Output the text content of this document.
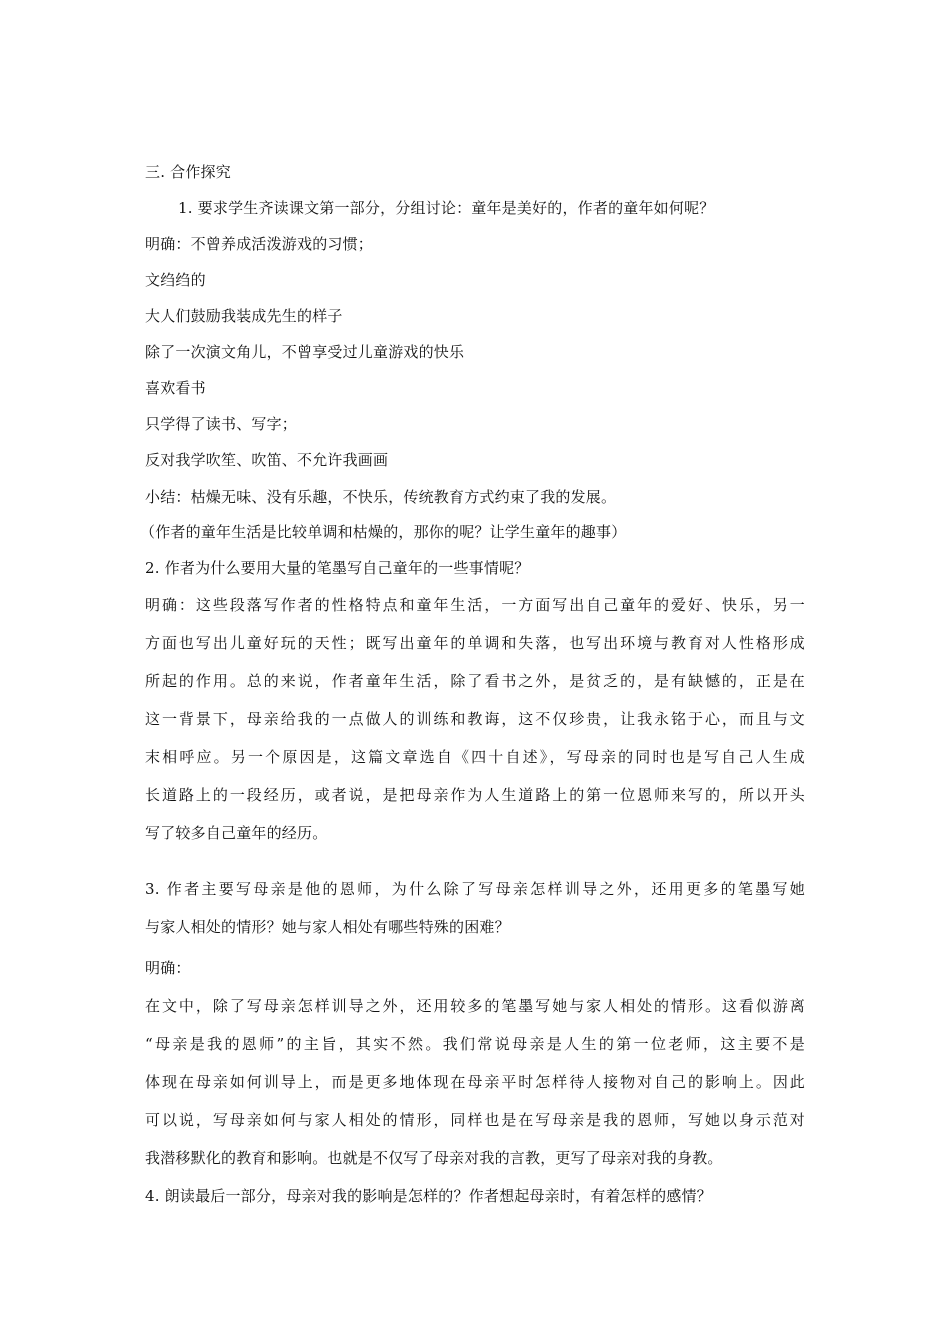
三. 合作探究
1. 要求学生齐读课文第一部分，分组讨论：童年是美好的，作者的童年如何呢？
明确：不曾养成活泼游戏的习惯；
文绉绉的
大人们鼓励我装成先生的样子
除了一次演文角儿，不曾享受过儿童游戏的快乐
喜欢看书
只学得了读书、写字；
反对我学吹笙、吹笛、不允许我画画
小结：枯燥无味、没有乐趣，不快乐，传统教育方式约束了我的发展。
（作者的童年生活是比较单调和枯燥的，那你的呢？让学生童年的趣事）
2. 作者为什么要用大量的笔墨写自己童年的一些事情呢？
明确：这些段落写作者的性格特点和童年生活，一方面写出自己童年的爱好、快乐，另一
方面也写出儿童好玩的天性；既写出童年的单调和失落，也写出环境与教育对人性格形成
所起的作用。总的来说，作者童年生活，除了看书之外，是贫乏的，是有缺憾的，正是在
这一背景下，母亲给我的一点做人的训练和教诲，这不仅珍贵，让我永铭于心，而且与文
末相呼应。另一个原因是，这篇文章选自《四十自述》，写母亲的同时也是写自己人生成
长道路上的一段经历，或者说，是把母亲作为人生道路上的第一位恩师来写的，所以开头
写了较多自己童年的经历。
3. 作者主要写母亲是他的恩师，为什么除了写母亲怎样训导之外，还用更多的笔墨写她
与家人相处的情形？她与家人相处有哪些特殊的困难？
明确：
在文中，除了写母亲怎样训导之外，还用较多的笔墨写她与家人相处的情形。这看似游离
“母亲是我的恩师”的主旨，其实不然。我们常说母亲是人生的第一位老师，这主要不是
体现在母亲如何训导上，而是更多地体现在母亲平时怎样待人接物对自己的影响上。因此
可以说，写母亲如何与家人相处的情形，同样也是在写母亲是我的恩师，写她以身示范对
我潜移默化的教育和影响。也就是不仅写了母亲对我的言教，更写了母亲对我的身教。
4. 朗读最后一部分，母亲对我的影响是怎样的？作者想起母亲时，有着怎样的感情？
